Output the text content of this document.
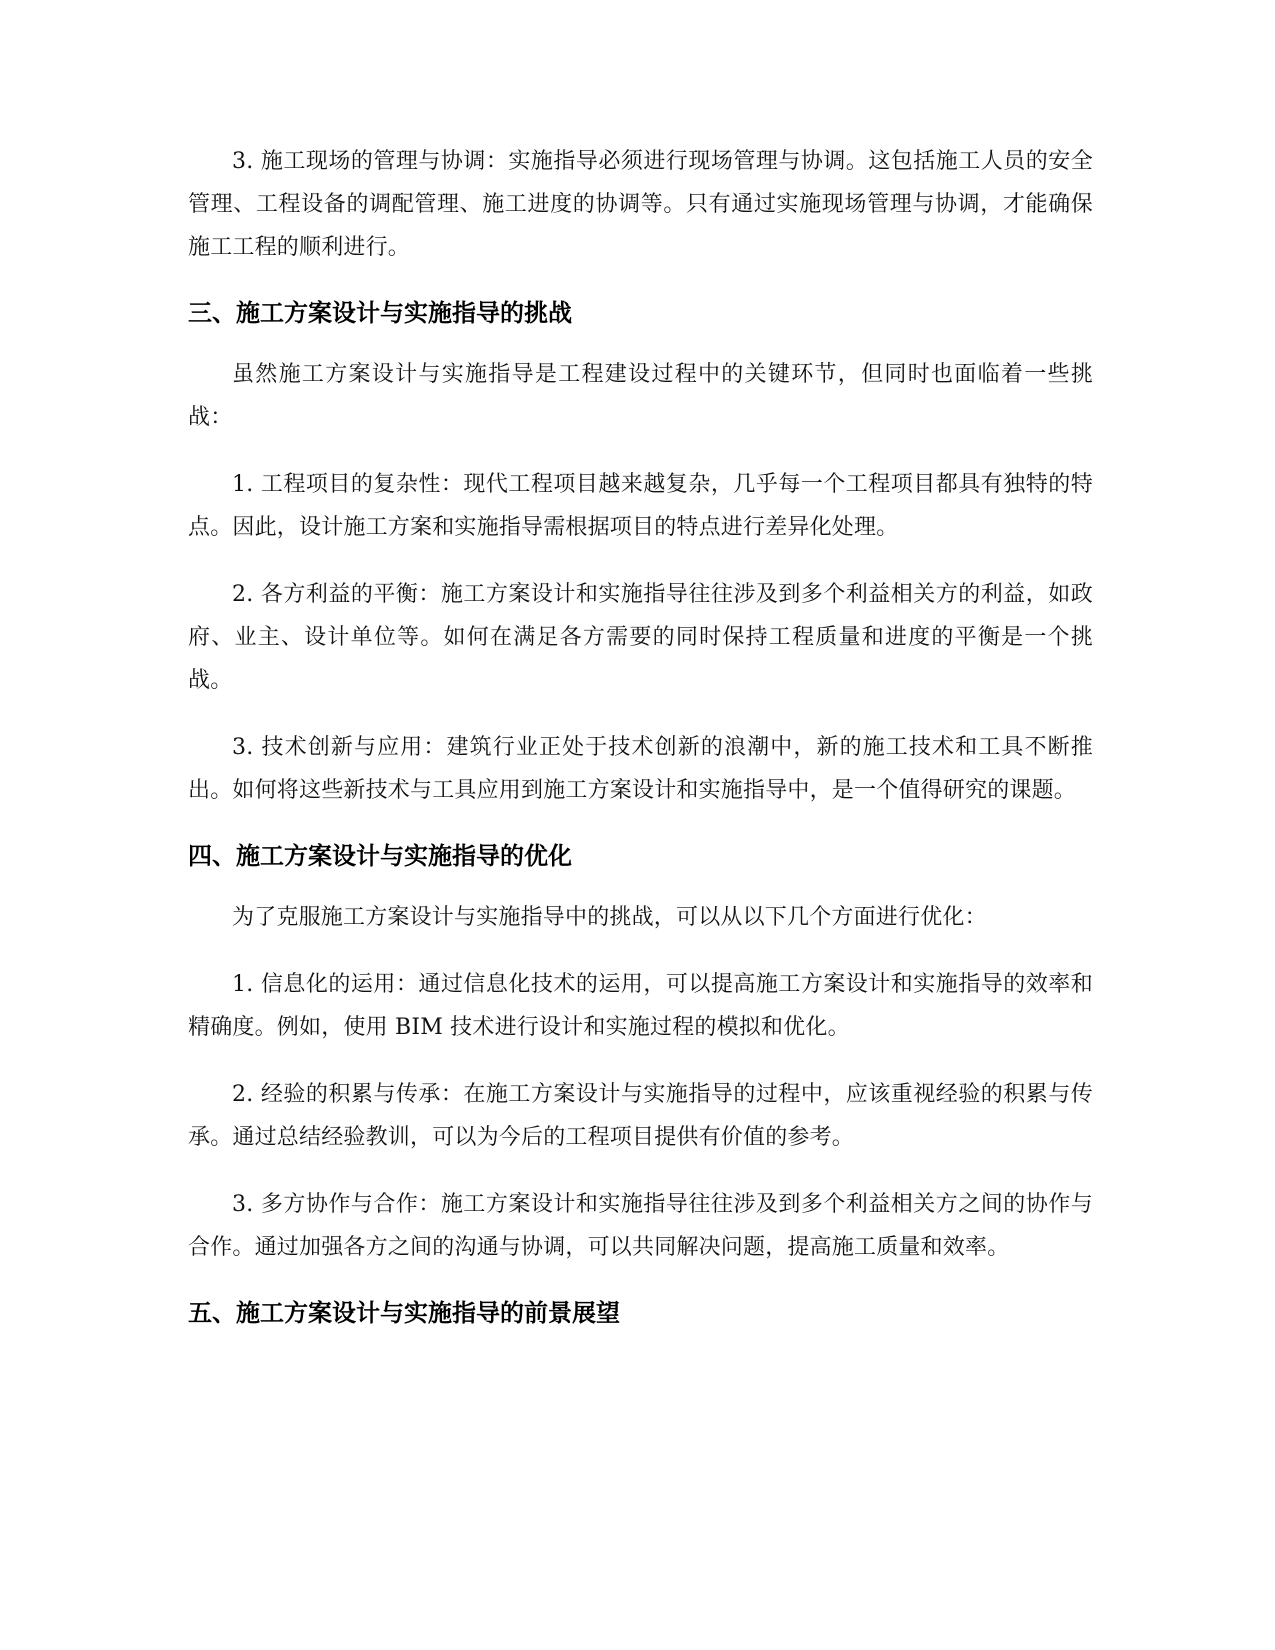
3. 施工现场的管理与协调：实施指导必须进行现场管理与协调。这包括施工人员的安全管理、工程设备的调配管理、施工进度的协调等。只有通过实施现场管理与协调，才能确保施工工程的顺利进行。

三、施工方案设计与实施指导的挑战

虽然施工方案设计与实施指导是工程建设过程中的关键环节，但同时也面临着一些挑战：

1. 工程项目的复杂性：现代工程项目越来越复杂，几乎每一个工程项目都具有独特的特点。因此，设计施工方案和实施指导需根据项目的特点进行差异化处理。

2. 各方利益的平衡：施工方案设计和实施指导往往涉及到多个利益相关方的利益，如政府、业主、设计单位等。如何在满足各方需要的同时保持工程质量和进度的平衡是一个挑战。

3. 技术创新与应用：建筑行业正处于技术创新的浪潮中，新的施工技术和工具不断推出。如何将这些新技术与工具应用到施工方案设计和实施指导中，是一个值得研究的课题。

四、施工方案设计与实施指导的优化

为了克服施工方案设计与实施指导中的挑战，可以从以下几个方面进行优化：

1. 信息化的运用：通过信息化技术的运用，可以提高施工方案设计和实施指导的效率和精确度。例如，使用 BIM 技术进行设计和实施过程的模拟和优化。

2. 经验的积累与传承：在施工方案设计与实施指导的过程中，应该重视经验的积累与传承。通过总结经验教训，可以为今后的工程项目提供有价值的参考。

3. 多方协作与合作：施工方案设计和实施指导往往涉及到多个利益相关方之间的协作与合作。通过加强各方之间的沟通与协调，可以共同解决问题，提高施工质量和效率。

五、施工方案设计与实施指导的前景展望
